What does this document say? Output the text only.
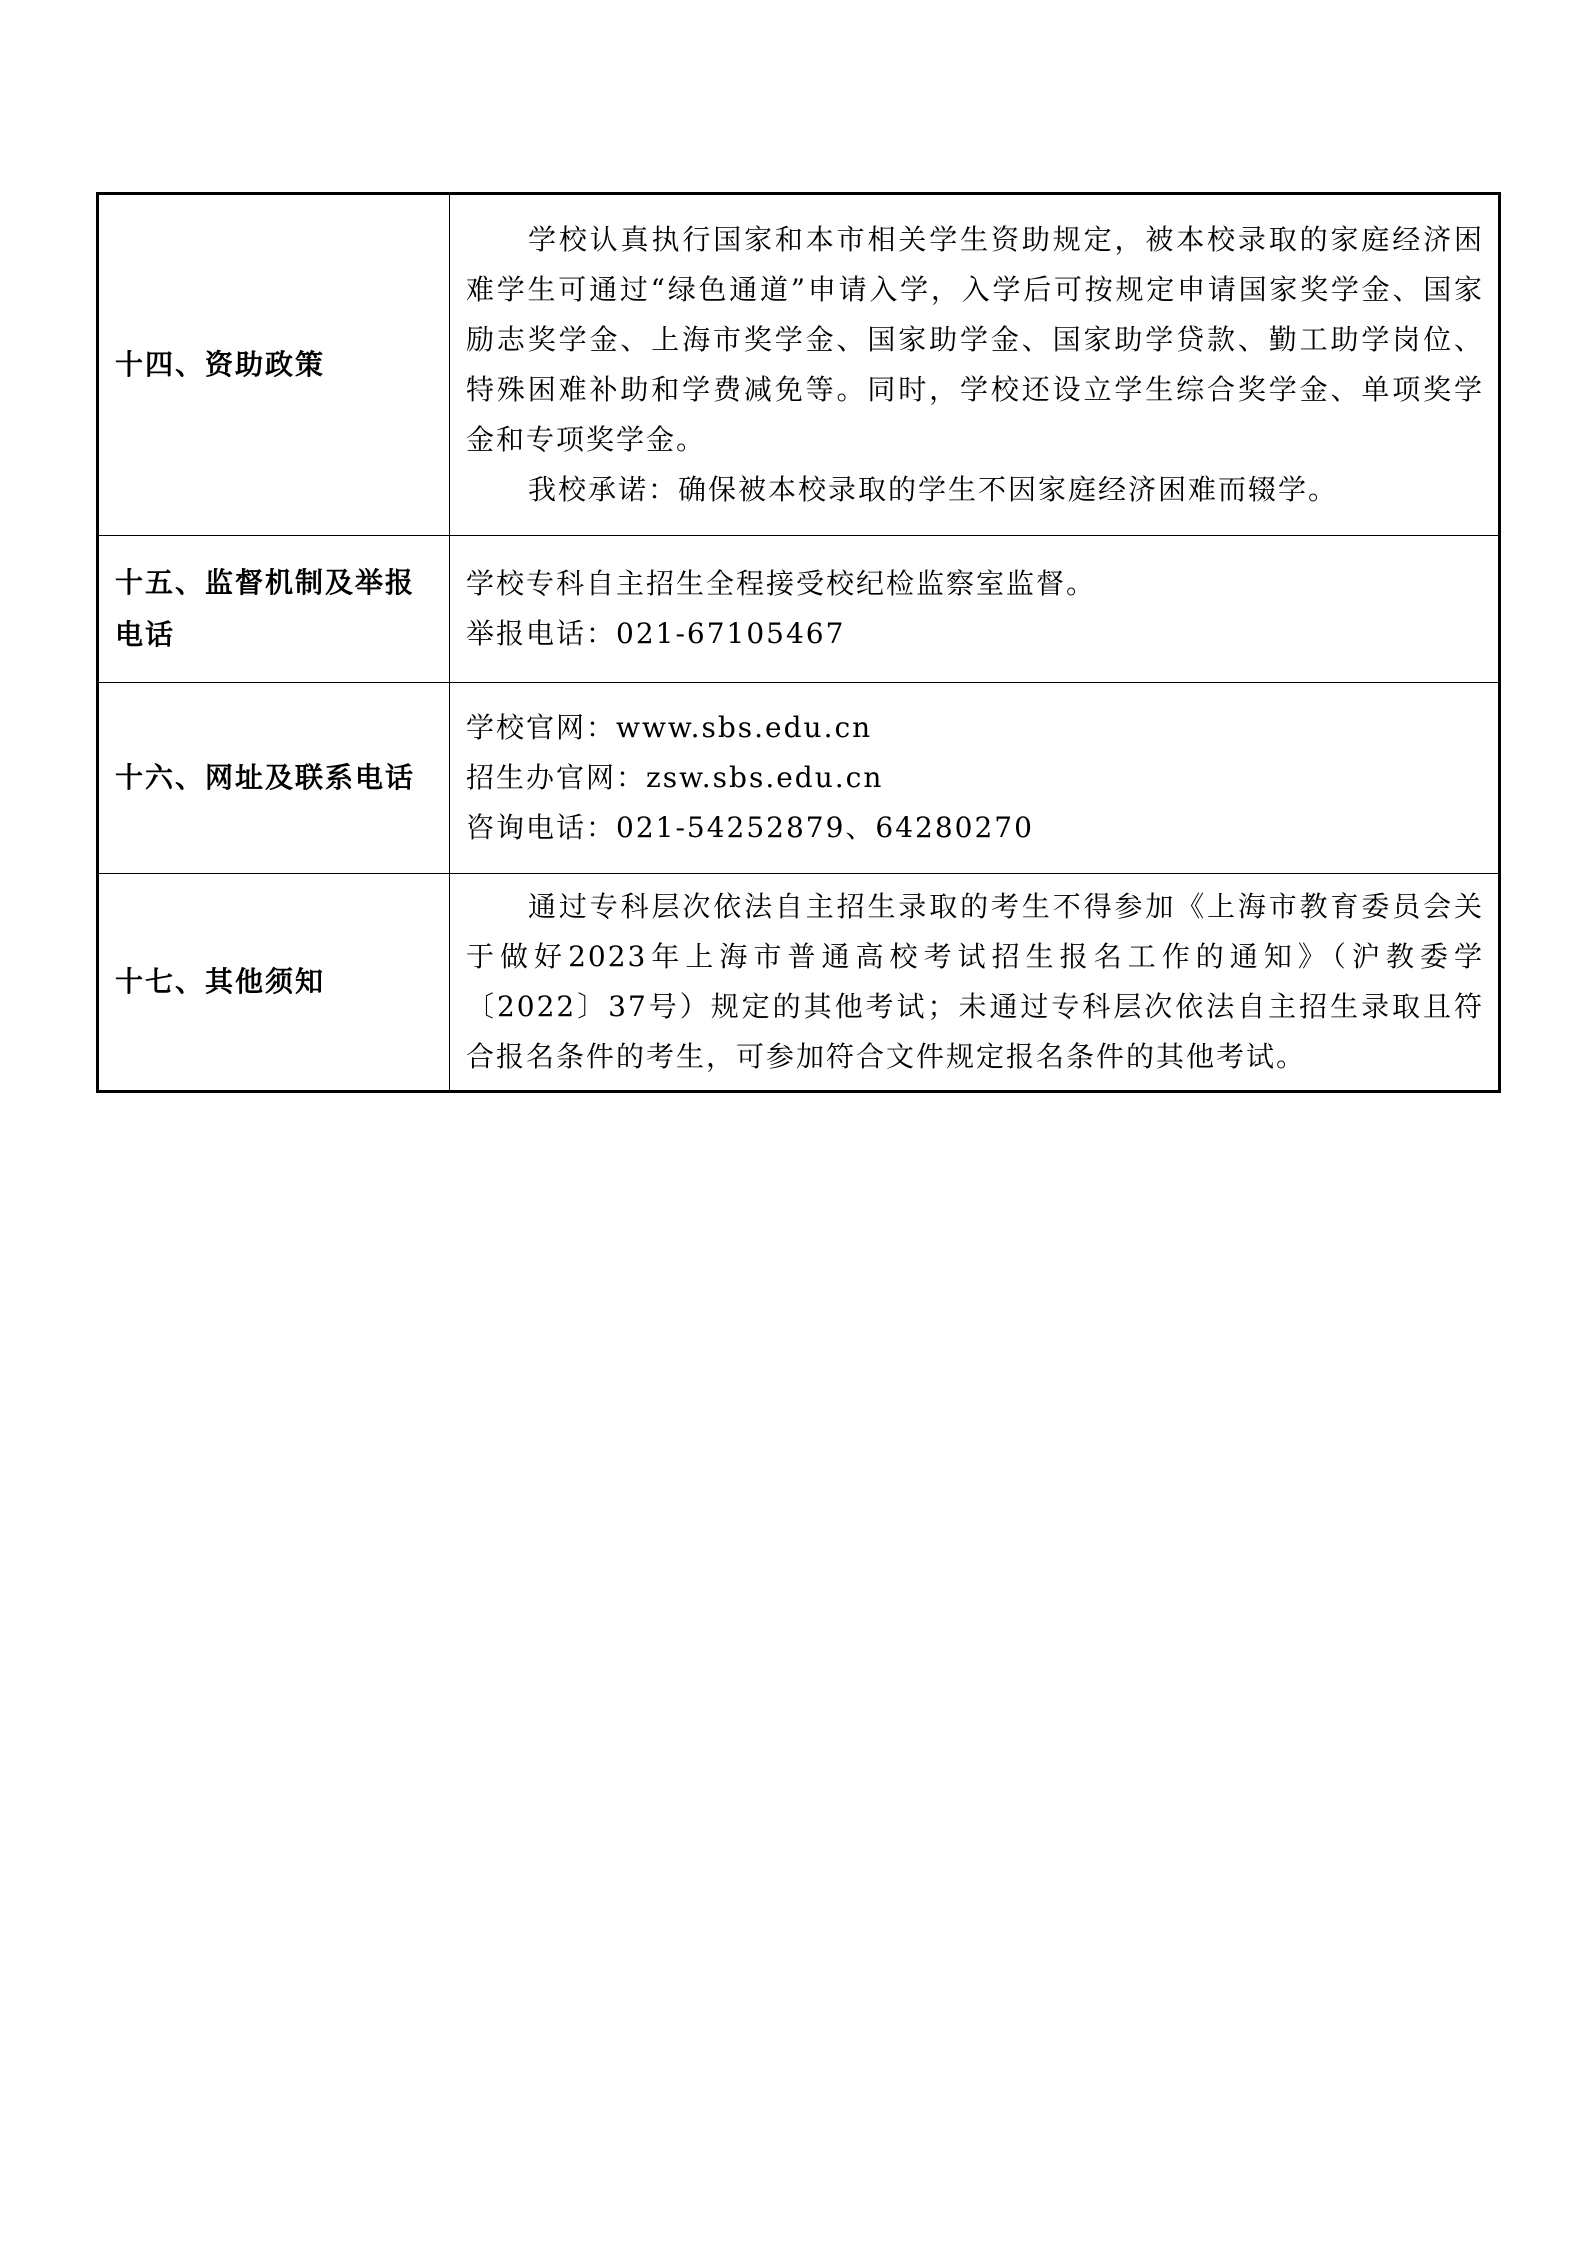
十四、资助政策	学校认真执行国家和本市相关学生资助规定，被本校录取的家庭经济困难学生可通过“绿色通道”申请入学，入学后可按规定申请国家奖学金、国家励志奖学金、上海市奖学金、国家助学金、国家助学贷款、勤工助学岗位、特殊困难补助和学费减免等。同时，学校还设立学生综合奖学金、单项奖学金和专项奖学金。

我校承诺：确保被本校录取的学生不因家庭经济困难而辍学。

十五、监督机制及举报电话	学校专科自主招生全程接受校纪检监察室监督。

举报电话：021-67105467

十六、网址及联系电话	学校官网：www.sbs.edu.cn

招生办官网：zsw.sbs.edu.cn

咨询电话：021-54252879、64280270

十七、其他须知	通过专科层次依法自主招生录取的考生不得参加《上海市教育委员会关于做好2023年上海市普通高校考试招生报名工作的通知》（沪教委学〔2022〕37号）规定的其他考试；未通过专科层次依法自主招生录取且符合报名条件的考生，可参加符合文件规定报名条件的其他考试。
